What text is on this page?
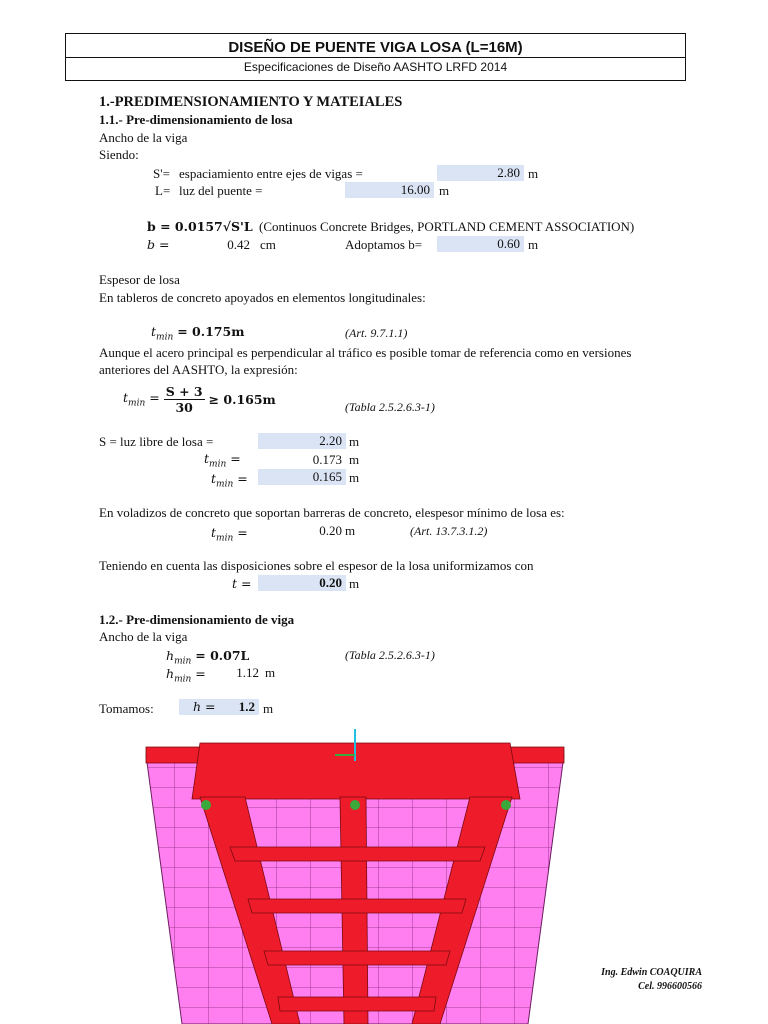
DISEÑO DE PUENTE VIGA LOSA (L=16M)
Especificaciones de Diseño AASHTO LRFD 2014
1.-PREDIMENSIONAMIENTO Y MATEIALES
1.1.- Pre-dimensionamiento de losa
Ancho de la viga
Siendo:
S'= espaciamiento entre ejes de vigas =	2.80 m
L= luz del puente =	16.00 m
b = 0.0157√S'L (Continuos Concrete Bridges, PORTLAND CEMENT ASSOCIATION)
b =	0.42 cm	Adoptamos b=	0.60 m
Espesor de losa
En tableros de concreto apoyados en elementos longitudinales:
$t_{min} = 0.175m$	(Art. 9.7.1.1)
Aunque el acero principal es perpendicular al tráfico es posible tomar de referencia como en versiones
anteriores del AASHTO, la expresión:
$t_{min} = \frac{S + 3}{30} \ge 0.165m$	(Tabla 2.5.2.6.3-1)
S = luz libre de losa =	2.20 m
$t_{min}$ =	0.173 m
$t_{min}$ =	0.165 m
En voladizos de concreto que soportan barreras de concreto, elespesor mínimo de losa es:
$t_{min}$ =	0.20 m	(Art. 13.7.3.1.2)
Teniendo en cuenta las disposiciones sobre el espesor de la losa uniformizamos con
t =	0.20 m
1.2.- Pre-dimensionamiento de viga
Ancho de la viga
$h_{min} = 0.07L$	(Tabla 2.5.2.6.3-1)
$h_{min}$ =	1.12 m
Tomamos:	h = 1.2 m
Ing. Edwin COAQUIRA
Cel. 996600566
